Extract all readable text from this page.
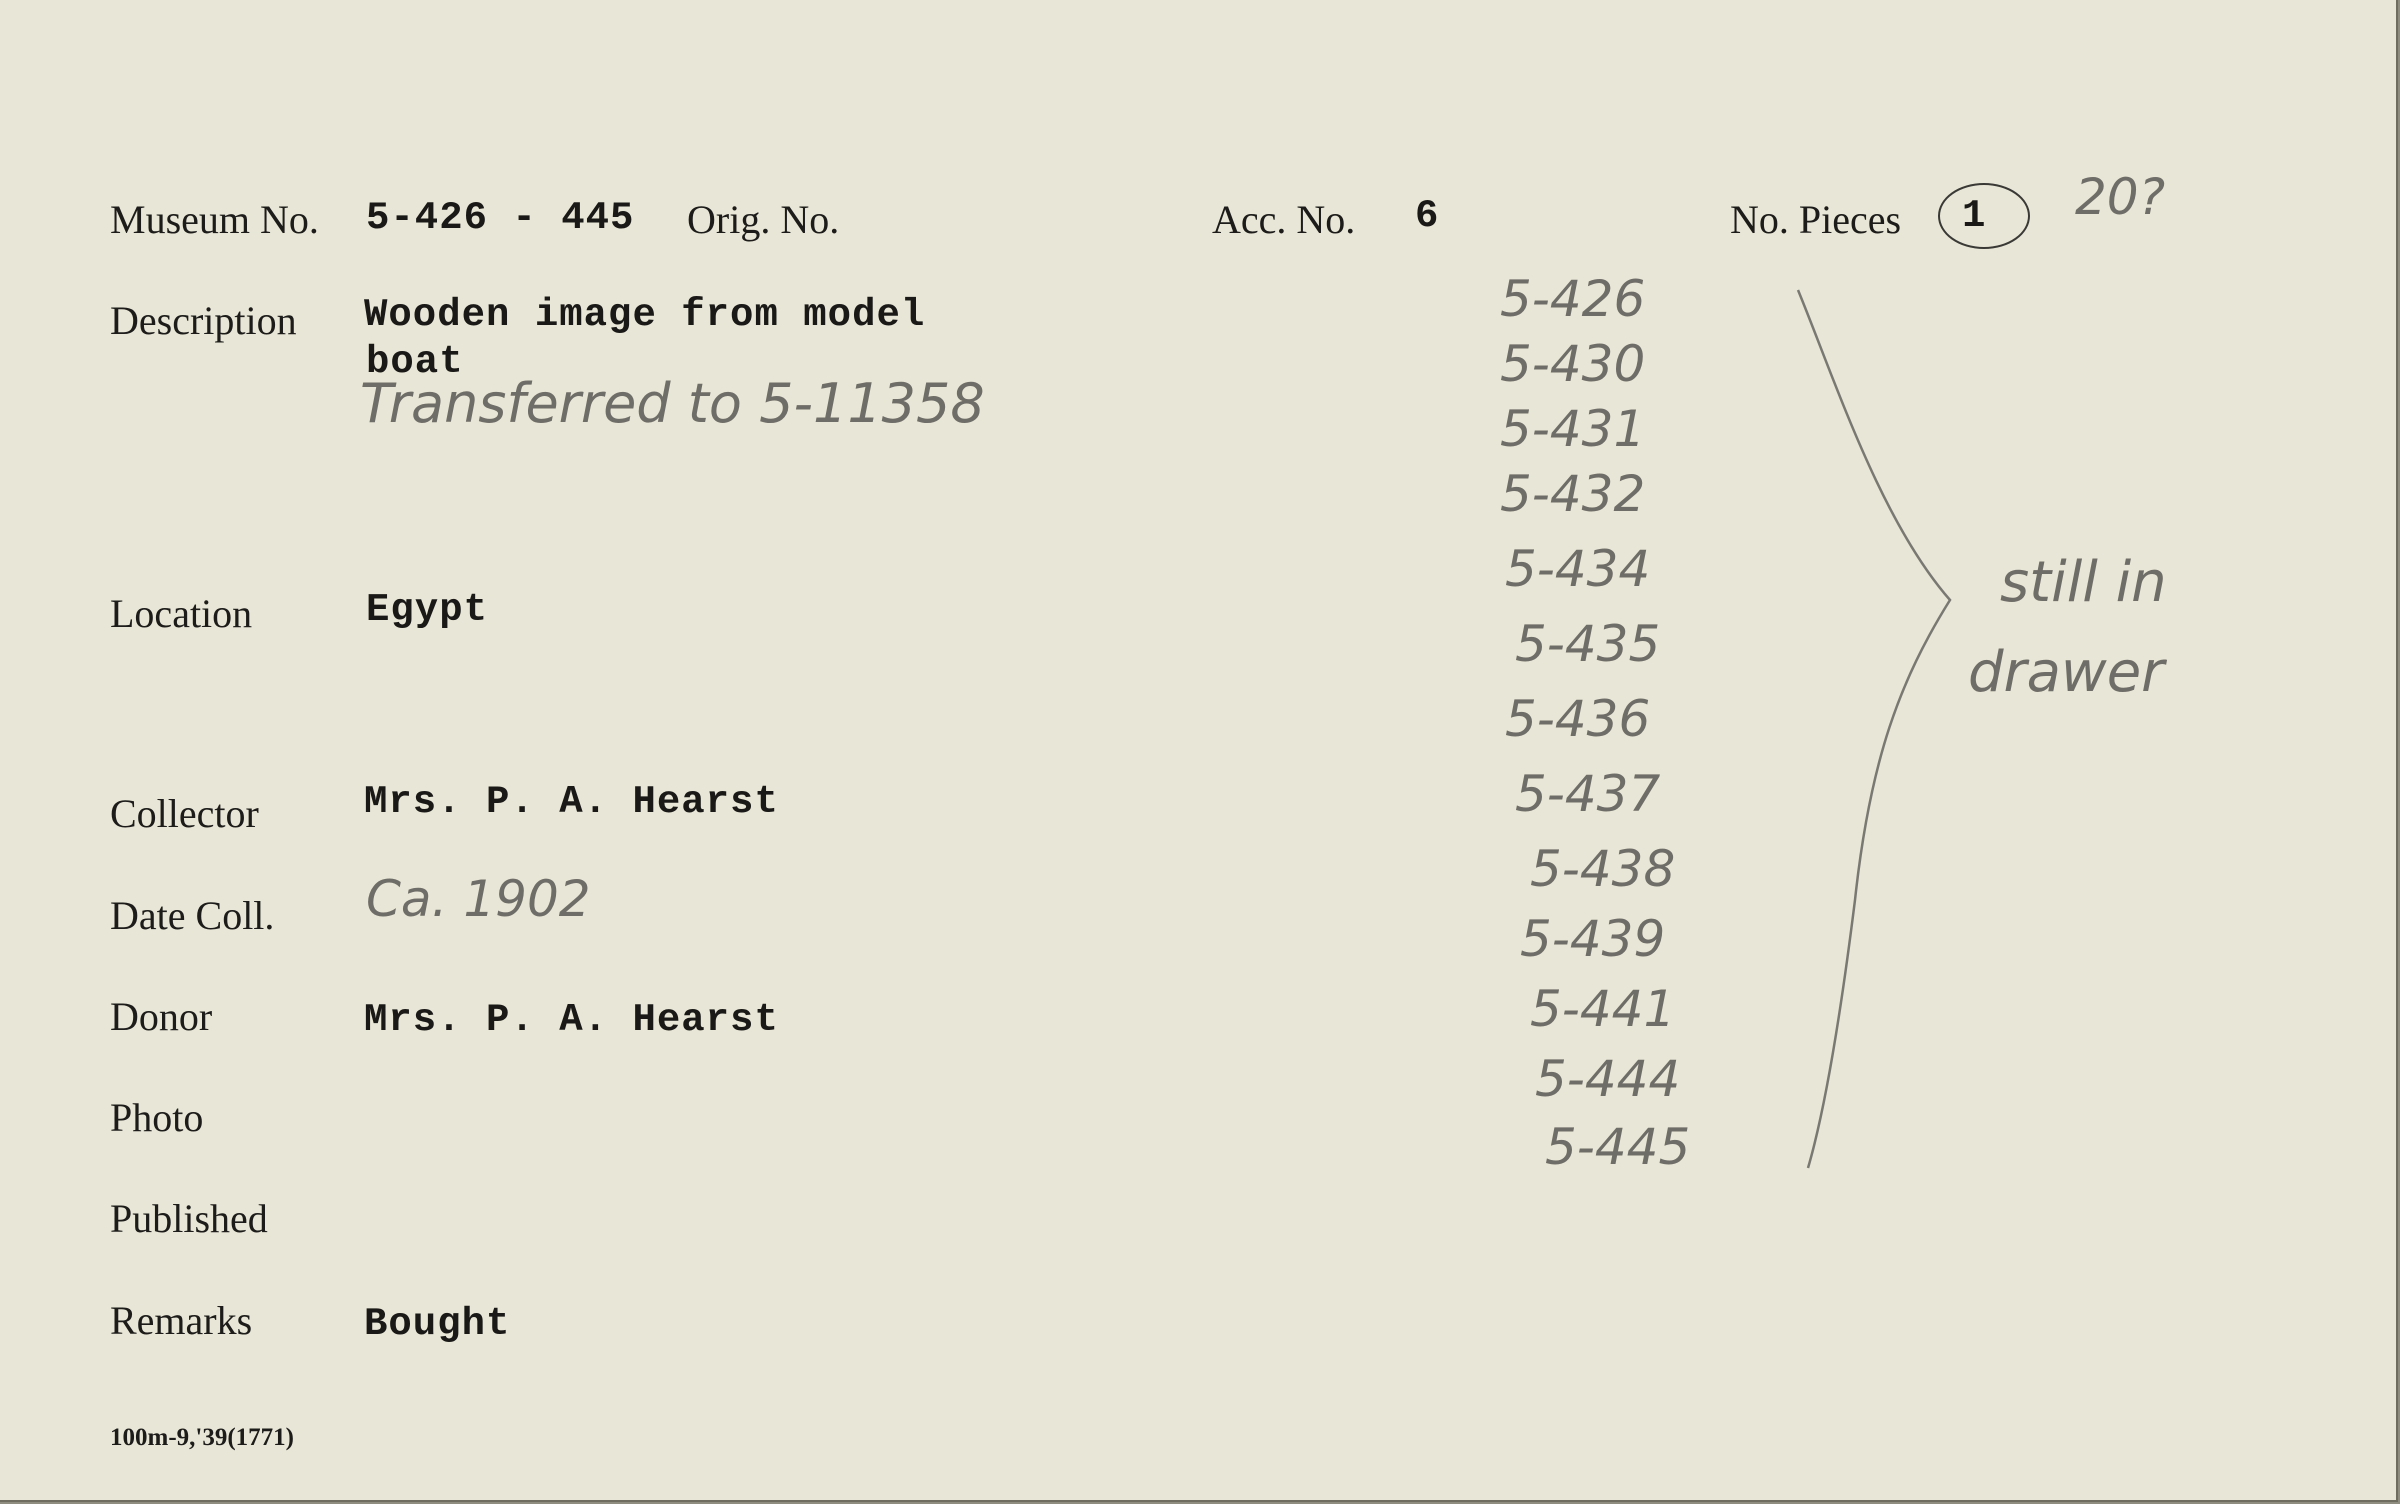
Museum No. 5-426 - 445 Orig. No.	Acc. No. 6	No. Pieces 1 20?
Description Wooden image from model
boat
Transferred to 5-11358
Location	Egypt
Collector	Mrs. P. A. Hearst
Date Coll. Ca. 1902
Donor	Mrs. P. A. Hearst
Photo
Published
Remarks	Bought
5-426
5-430
5-431
5-432
5-434
5-435
5-436
5-437
5-438
5-439
5-441
5-444
5-445
still in
drawer
100m-9,'39(1771)
